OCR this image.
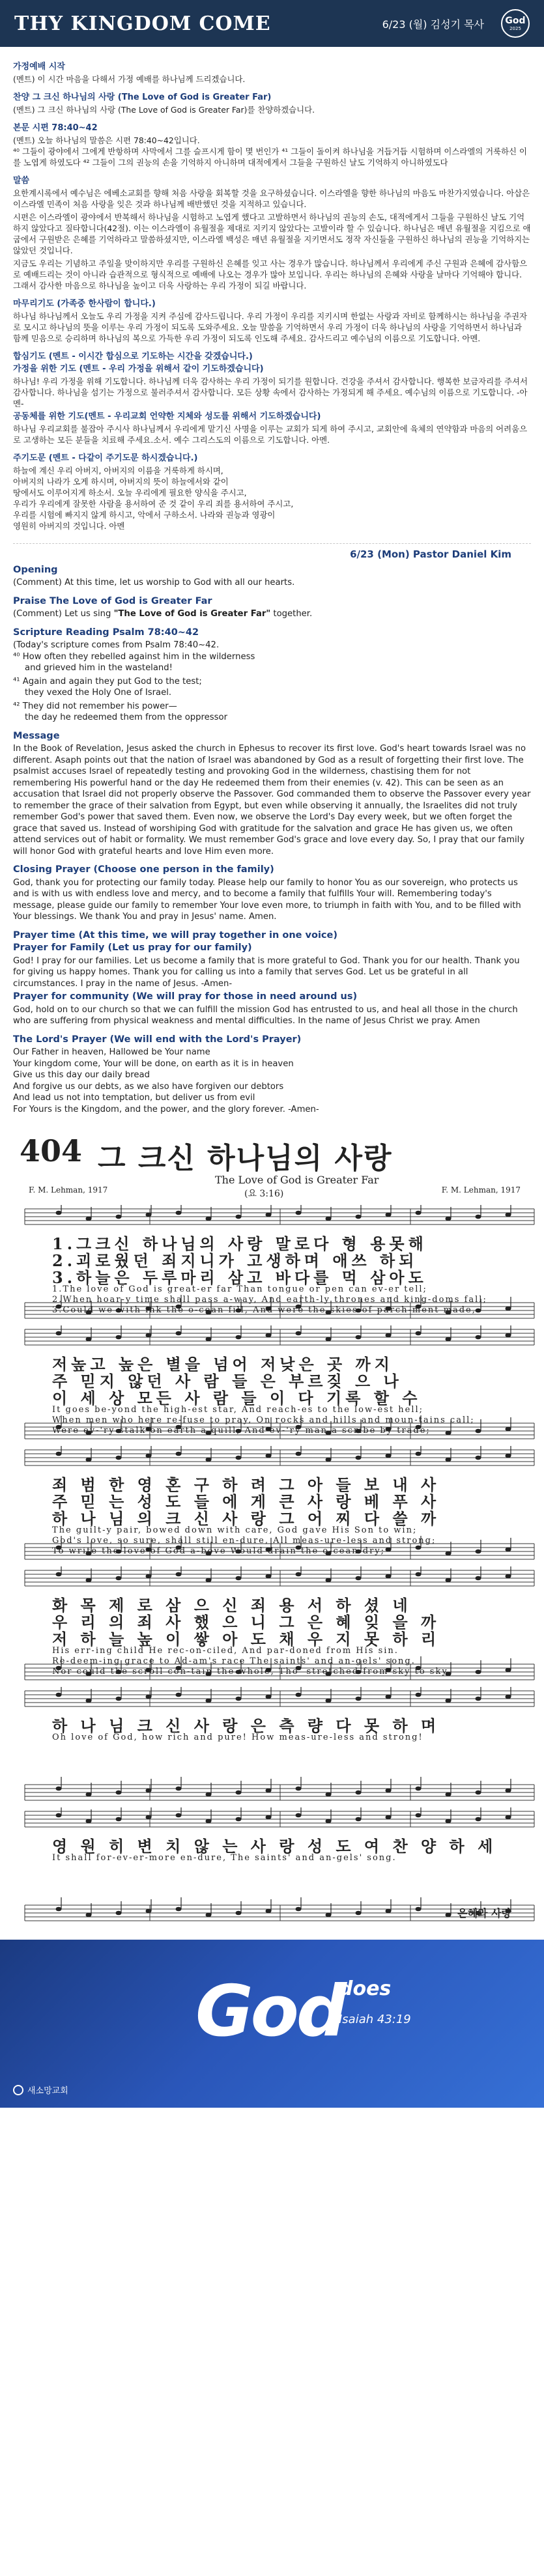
THY KINGDOM COME	6/23 (월) 김성기 목사 God
2025
가정예배 시작
(멘트) 이 시간 마음을 다해서 가정 예배를 하나님께 드리겠습니다.
찬양 그 크신 하나님의 사랑 (The Love of God is Greater Far)
(멘트) 그 크신 하나님의 사랑 (The Love of God is Greater Far)를 찬양하겠습니다.
본문 시편 78:40~42
(멘트) 오늘 하나님의 말씀은 시편 78:40~42입니다.
⁴⁰ 그들이 광야에서 그에게 반항하며 사막에서 그를 슬프시게 함이 몇 번인가 ⁴¹ 그들이 돌이켜 하나님을 거듭거듭 시험하며 이스라엘의 거룩하신 이를 노엽게 하였도다 ⁴² 그들이 그의 권능의 손을 기억하지 아니하며 대적에게서 그들을 구원하신 날도 기억하지 아니하였도다
말씀
요한계시록에서 예수님은 에베소교회를 향해 처음 사랑을 회복할 것을 요구하셨습니다. 이스라엘을 향한 하나님의 마음도 마찬가지였습니다. 아삽은 이스라엘 민족이 처음 사랑을 잊은 것과 하나님께 배반했던 것을 지적하고 있습니다.
시편은 이스라엘이 광야에서 반복해서 하나님을 시험하고 노엽게 했다고 고발하면서 하나님의 권능의 손도, 대적에게서 그들을 구원하신 날도 기억하지 않았다고 질타합니다(42절). 이는 이스라엘이 유월절을 제대로 지키지 않았다는 고발이라 할 수 있습니다. 하나님은 매년 유월절을 지킴으로 애굽에서 구원받은 은혜를 기억하라고 말씀하셨지만, 이스라엘 백성은 매년 유월절을 지키면서도 정작 자신들을 구원하신 하나님의 권능을 기억하지는 않았던 것입니다.
지금도 우리는 기념하고 주일을 맞이하지만 우리를 구원하신 은혜를 잊고 사는 경우가 많습니다. 하나님께서 우리에게 주신 구원과 은혜에 감사함으로 예배드리는 것이 아니라 습관적으로 형식적으로 예배에 나오는 경우가 많아 보입니다. 우리는 하나님의 은혜와 사랑을 날마다 기억해야 합니다. 그래서 감사한 마음으로 하나님을 높이고 더욱 사랑하는 우리 가정이 되길 바랍니다.
마무리기도 (가족중 한사람이 합니다.)
하나님 하나님께서 오늘도 우리 가정을 지켜 주심에 감사드립니다. 우리 가정이 우리를 지키시며 한없는 사랑과 자비로 함께하시는 하나님을 주권자로 모시고 하나님의 뜻을 이루는 우리 가정이 되도록 도와주세요. 오늘 말씀을 기억하면서 우리 가정이 더욱 하나님의 사랑을 기억하면서 하나님과 함께 믿음으로 승리하며 하나님의 복으로 가득한 우리 가정이 되도록 인도해 주세요. 감사드리고 예수님의 이름으로 기도합니다. 아멘.
합심기도 (멘트 - 이시간 합심으로 기도하는 시간을 갖겠습니다.)
가정을 위한 기도 (멘트 - 우리 가정을 위해서 같이 기도하겠습니다)
하나님! 우리 가정을 위해 기도합니다. 하나님께 더욱 감사하는 우리 가정이 되기를 원합니다. 건강을 주셔서 감사합니다. 행복한 보금자리를 주셔서 감사합니다. 하나님을 섬기는 가정으로 불러주셔서 감사합니다. 모든 상황 속에서 감사하는 가정되게 해 주세요. 예수님의 이름으로 기도합니다. -아멘-
공동체를 위한 기도(멘트 - 우리교회 언약한 지체와 성도를 위해서 기도하겠습니다)
하나님 우리교회를 불잡아 주시사 하나님께서 우리에게 맡기신 사명을 이루는 교회가 되게 하여 주시고, 교회안에 육체의 연약함과 마음의 어려움으로 고생하는 모든 분들을 치료해 주세요.소서. 예수 그리스도의 이름으로 기도합니다. 아멘.
주기도문 (멘트 - 다같이 주기도문 하시겠습니다.)
하늘에 계신 우리 아버지, 아버지의 이름을 거룩하게 하시며,
아버지의 나라가 오게 하시며, 아버지의 뜻이 하늘에서와 같이
땅에서도 이루어지게 하소서. 오늘 우리에게 필요한 양식을 주시고,
우리가 우리에게 잘못한 사람을 용서하여 준 것 같이 우리 죄를 용서하여 주시고,
우리를 시험에 빠지지 않게 하시고, 악에서 구하소서. 나라와 권능과 영광이
영원히 아버지의 것입니다. 아멘
6/23 (Mon) Pastor Daniel Kim
Opening
(Comment) At this time, let us worship to God with all our hearts.
Praise The Love of God is Greater Far
(Comment) Let us sing "The Love of God is Greater Far" together.
Scripture Reading Psalm 78:40~42
(Today's scripture comes from Psalm 78:40~42.
⁴⁰ How often they rebelled against him in the wilderness
and grieved him in the wasteland!
⁴¹ Again and again they put God to the test;
they vexed the Holy One of Israel.
⁴² They did not remember his power—
the day he redeemed them from the oppressor
Message
In the Book of Revelation, Jesus asked the church in Ephesus to recover its first love. God's heart towards Israel was no different. Asaph points out that the nation of Israel was abandoned by God as a result of forgetting their first love. The psalmist accuses Israel of repeatedly testing and provoking God in the wilderness, chastising them for not remembering His powerful hand or the day He redeemed them from their enemies (v. 42). This can be seen as an accusation that Israel did not properly observe the Passover. God commanded them to observe the Passover every year to remember the grace of their salvation from Egypt, but even while observing it annually, the Israelites did not truly remember God's power that saved them. Even now, we observe the Lord's Day every week, but we often forget the grace that saved us. Instead of worshiping God with gratitude for the salvation and grace He has given us, we often attend services out of habit or formality. We must remember God's grace and love every day. So, I pray that our family will honor God with grateful hearts and love Him even more.
Closing Prayer (Choose one person in the family)
God, thank you for protecting our family today. Please help our family to honor You as our sovereign, who protects us and is with us with endless love and mercy, and to become a family that fulfills Your will. Remembering today's message, please guide our family to remember Your love even more, to triumph in faith with You, and to be filled with Your blessings. We thank You and pray in Jesus' name. Amen.
Prayer time (At this time, we will pray together in one voice)
Prayer for Family (Let us pray for our family)
God! I pray for our families. Let us become a family that is more grateful to God. Thank you for our health. Thank you for giving us happy homes. Thank you for calling us into a family that serves God. Let us be grateful in all circumstances. I pray in the name of Jesus. -Amen-
Prayer for community (We will pray for those in need around us)
God, hold on to our church so that we can fulfill the mission God has entrusted to us, and heal all those in the church who are suffering from physical weakness and mental difficulties. In the name of Jesus Christ we pray. Amen
The Lord's Prayer (We will end with the Lord's Prayer)
Our Father in heaven, Hallowed be Your name
Your kingdom come, Your will be done, on earth as it is in heaven
Give us this day our daily bread
And forgive us our debts, as we also have forgiven our debtors
And lead us not into temptation, but deliver us from evil
For Yours is the Kingdom, and the power, and the glory forever. -Amen-
404 그 크신 하나님의 사랑
The Love of God is Greater Far
(요 3:16)
F. M. Lehman, 1917	F. M. Lehman, 1917
1.그크신 하나님의 사랑 말로다 형 용못해
2.괴로웠던 죄지니가 고생하며 애쓰 하되
3.하늘은 두루마리 삼고 바다를 먹 삼아도
1.The love of God is great-er far Than tongue or pen can ev-er tell;
2.When hoar-y time shall pass a-way, And earth-ly thrones and king-doms fall;
3.Could we with ink the o-cean fill, And were the skies of parch-ment made,
저높고 높은 별을 넘어 저낮은 곳 까지
주 믿지 않던 사 람 들 은 부르짖 으 나
이 세 상 모든 사 람 들 이 다 기록 할 수
It goes be-yond the high-est star, And reach-es to the low-est hell;
When men who here re-fuse to pray, On rocks and hills and moun-tains call;
Were ev-'ry stalk on earth a quill, And ev-'ry man a scribe by trade;
죄 범 한 영 혼 구 하 려 그 아 들 보 내 사
주 믿 는 성 도 들 에 게 큰 사 랑 베 푸 사
하 나 님 의 크 신 사 랑 그 어 찌 다 쓸 까
The guilt-y pair, bowed down with care, God gave His Son to win;
God's love, so sure, shall still en-dure, All meas-ure-less and strong;
To write the love of God a-bove Would drain the o-cean dry;
화 목 제 로 삼 으 신 죄 용 서 하 셨 네
우 리 의 죄 사 했 으 니 그 은 혜 잊 을 까
저 하 늘 높 이 쌓 아 도 채 우 지 못 하 리
His err-ing child He rec-on-ciled, And par-doned from His sin.
Re-deem-ing grace to Ad-am's race The saints' and an-gels' song.
Nor could the scroll con-tain the whole, Tho' stretched from sky to sky.
하 나 님 크 신 사 랑 은 측 량 다 못 하 며
Oh love of God, how rich and pure! How meas-ure-less and strong!
영 원 히 변 치 않 는 사 랑 성 도 여 찬 양 하 세
It shall for-ev-er-more en-dure, The saints' and an-gels' song.
은혜와 사랑
God
does
Isaiah 43:19
새소망교회
